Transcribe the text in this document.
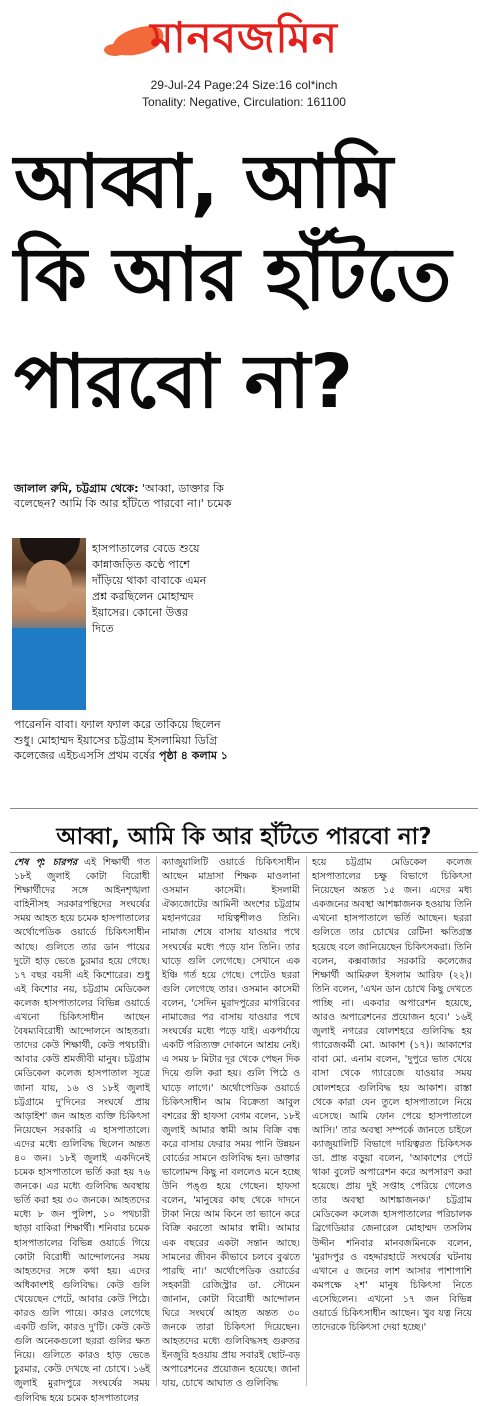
মানবজমিন
29-Jul-24 Page:24 Size:16 col*inch
Tonality: Negative, Circulation: 161100
আব্বা, আমি
কি আর হাঁটতে
পারবো না?
জালাল রুমি, চট্টগ্রাম থেকে: 'আব্বা, ডাক্তার কি বলেছেন? আমি কি আর হাঁটতে পারবো না।' চমেক
হাসপাতালের বেডে শুয়ে কান্নাজড়িত কণ্ঠে পাশে দাঁড়িয়ে থাকা বাবাকে এমন প্রশ্ন করছিলেন মোহাম্মদ ইয়াসের। কোনো উত্তর দিতে
পারেননি বাবা। ফ্যাল ফ্যাল করে তাকিয়ে ছিলেন শুধু। মোহাম্মদ ইয়াসের চট্টগ্রাম ইসলামিয়া ডিগ্রি কলেজের এইচএসসি প্রথম বর্ষের পৃষ্ঠা ৪ কলাম ১
আব্বা, আমি কি আর হাঁটতে পারবো না?
শেষ পৃ: চারপর এই শিক্ষার্থী গত ১৮ই জুলাই কোটা বিরোধী শিক্ষার্থীদের সঙ্গে আইনশৃঙ্খলা বাহিনীসহ সরকারপন্থিদের সংঘর্ষের সময় আহত হয়ে চমেক হাসপাতালের অর্থোপেডিক ওয়ার্ডে চিকিৎসাধীন আছে। গুলিতে তার ডান পায়ের দুটো হাড় ভেঙে চুরমার হয়ে গেছে। ১৭ বছর বয়সী এই কিশোরের। শুধু এই কিশোর নয়, চট্টগ্রাম মেডিকেল কলেজ হাসপাতালের বিভিন্ন ওয়ার্ডে এখনো চিকিৎসাধীন আছেন বৈষম্যবিরোধী আন্দোলনে আহতরা। তাদের কেউ শিক্ষার্থী, কেউ পথচারী। আবার কেউ শ্রমজীবী মানুষ। চট্টগ্রাম মেডিকেল কলেজ হাসপাতাল সূত্রে জানা যায়, ১৬ ও ১৮ই জুলাই চট্টগ্রামে দু'দিনের সংঘর্ষে প্রায় আড়াইশ' জন আহত ব্যক্তি চিকিৎসা নিয়েছেন সরকারি এ হাসপাতালে। এদের মধ্যে গুলিবিদ্ধ ছিলেন অন্তত ৪০ জন। ১৮ই জুলাই একদিনেই চমেক হাসপাতালে ভর্তি করা হয় ৭৬ জনকে। এর মধ্যে গুলিবিদ্ধ অবস্থায় ভর্তি করা হয় ৩০ জনকে। আহতদের মধ্যে ৮ জন পুলিশ, ১০ পথচারী ছাড়া বাকিরা শিক্ষার্থী। শনিবার চমেক হাসপাতালের বিভিন্ন ওয়ার্ডে গিয়ে কোটা বিরোধী আন্দোলনের সময় আহতদের সঙ্গে কথা হয়। এদের অধিকাংশই গুলিবিদ্ধ। কেউ গুলি খেয়েছেন পেটে, আবার কেউ পিঠে। কারও গুলি পায়ে। কারও লেগেছে একটি গুলি, কারও দু'টি। কেউ কেউ গুলি অনেকগুলো ছররা গুলির ক্ষত নিয়ে। গুলিতে কারও হাড় ভেঙে চুরমার, কেউ দেখছে না চোখে। ১৬ই জুলাই মুরাদপুরে সংঘর্ষের সময় গুলিবিদ্ধ হয়ে চমেক হাসপাতালের
ক্যাজুয়ালিটি ওয়ার্ডে চিকিৎসাধীন আছেন মাদ্রাসা শিক্ষক মাওলানা ওসমান কাসেমী। ইসলামী ঐক্যজোটের আমিনী অংশের চট্টগ্রাম মহানগরের দায়িত্বশীলও তিনি। নামাজ শেষে বাসায় যাওয়ার পথে সংঘর্ষের মধ্যে পড়ে যান তিনি। তার ঘাড়ে গুলি লেগেছে। সেখানে এক ইঞ্চি গর্ত হয়ে গেছে। পেটেও ছররা গুলি লেগেছে তার। ওসমান কাসেমী বলেন, 'সেদিন মুরাদপুরের মাগরিবের নামাজের পর বাসায় যাওয়ার পথে সংঘর্ষের মধ্যে পড়ে যাই। একপর্যায়ে একটি পরিত্যক্ত দোকানে আশ্রয় নেই। এ সময় ৮ মিটার দূর থেকে পেছন দিক দিয়ে গুলি করা হয়। গুলি পিঠে ও ঘাড়ে লাগে।' অর্থোপেডিক ওয়ার্ডে চিকিৎসাধীন আম বিক্রেতা আবুল বশরের স্ত্রী হাফসা বেগম বলেন, ১৮ই জুলাই আমার স্বামী আম বিক্রি বন্ধ করে বাসায় ফেরার সময় পানি উন্নয়ন বোর্ডের সামনে গুলিবিদ্ধ হন। ডাক্তার ভালোমন্দ কিছু না বললেও মনে হচ্ছে উনি পঙ্গু হয়ে গেছেন। হাফসা বলেন, 'মানুষের কাছ থেকে দাদনে টাকা নিয়ে আম কিনে তা ভ্যানে করে বিক্রি করতো আমার স্বামী। আমার এক বছরের একটা সন্তান আছে। সামনের জীবন কীভাবে চলবে বুঝতে পারছি না।' অর্থোপেডিক ওয়ার্ডের সহকারী রেজিস্ট্রার ডা. সৌমেন জানান, কোটা বিরোধী আন্দোলন ঘিরে সংঘর্ষে আহত অন্তত ৩০ জনকে তারা চিকিৎসা দিয়েছেন। আহতদের মধ্যে গুলিবিদ্ধসহ গুরুতর ইনজুরি হওয়ায় প্রায় সবারই ছোট-বড় অপারেশনের প্রয়োজন হয়েছে। জানা যায়, চোখে আঘাত ও গুলিবিদ্ধ
হয়ে চট্টগ্রাম মেডিকেল কলেজ হাসপাতালের চক্ষু বিভাগে চিকিৎসা নিয়েছেন অন্তত ১৫ জন। এদের মধ্য একজনের অবস্থা আশঙ্কাজনক হওয়ায় তিনি এখনো হাসপাতালে ভর্তি আছেন। ছররা গুলিতে তার চোখের রেটিনা ক্ষতিগ্রস্ত হয়েছে বলে জানিয়েছেন চিকিৎসকরা। তিনি বলেন, কক্সবাজার সরকারি কলেজের শিক্ষার্থী আমিরুল ইসলাম আরিফ (২২)। তিনি বলেন, 'এখন ডান চোখে কিছু দেখতে পাচ্ছি না। একবার অপারেশন হয়েছে, আরও অপারেশনের প্রয়োজন হবে।' ১৬ই জুলাই নগরের ষোলশহরে গুলিবিদ্ধ হয় গ্যারেজকর্মী মো. আকাশ (১৭)। আকাশের বাবা মো. এনাম বলেন, 'দুপুরে ভাত খেয়ে বাসা থেকে গ্যারেজে যাওয়ার সময় ষোলশহরে গুলিবিদ্ধ হয় আকাশ। রাস্তা থেকে কারা যেন তুলে হাসপাতালে নিয়ে এসেছে। আমি ফোন পেয়ে হাসপাতালে আসি।' তার অবস্থা সম্পর্কে জানতে চাইলে ক্যাজুয়ালিটি বিভাগে দায়িত্বরত চিকিৎসক ডা. প্রান্ত বড়ুয়া বলেন, 'আকাশের পেটে থাকা বুলেট অপারেশন করে অপসারণ করা হয়েছে। প্রায় দুই সপ্তাহ পেরিয়ে গেলেও তার অবস্থা আশঙ্কাজনক।' চট্টগ্রাম মেডিকেল কলেজ হাসপাতালের পরিচালক ব্রিগেডিয়ার জেনারেল মোহাম্মদ তসলিম উদ্দীন শনিবার মানবজমিনকে বলেন, 'মুরাদপুর ও বহদ্দারহাটে সংঘর্ষের ঘটনায় এখানে ৫ জনের লাশ আসার পাশাপাশি কমপক্ষে ২শ' মানুষ চিকিৎসা নিতে এসেছিলেন। এখনো ১৭ জন বিভিন্ন ওয়ার্ডে চিকিৎসাধীন আছেন। খুব যত্ন নিয়ে তাদেরকে চিকিৎসা দেয়া হচ্ছে।'
